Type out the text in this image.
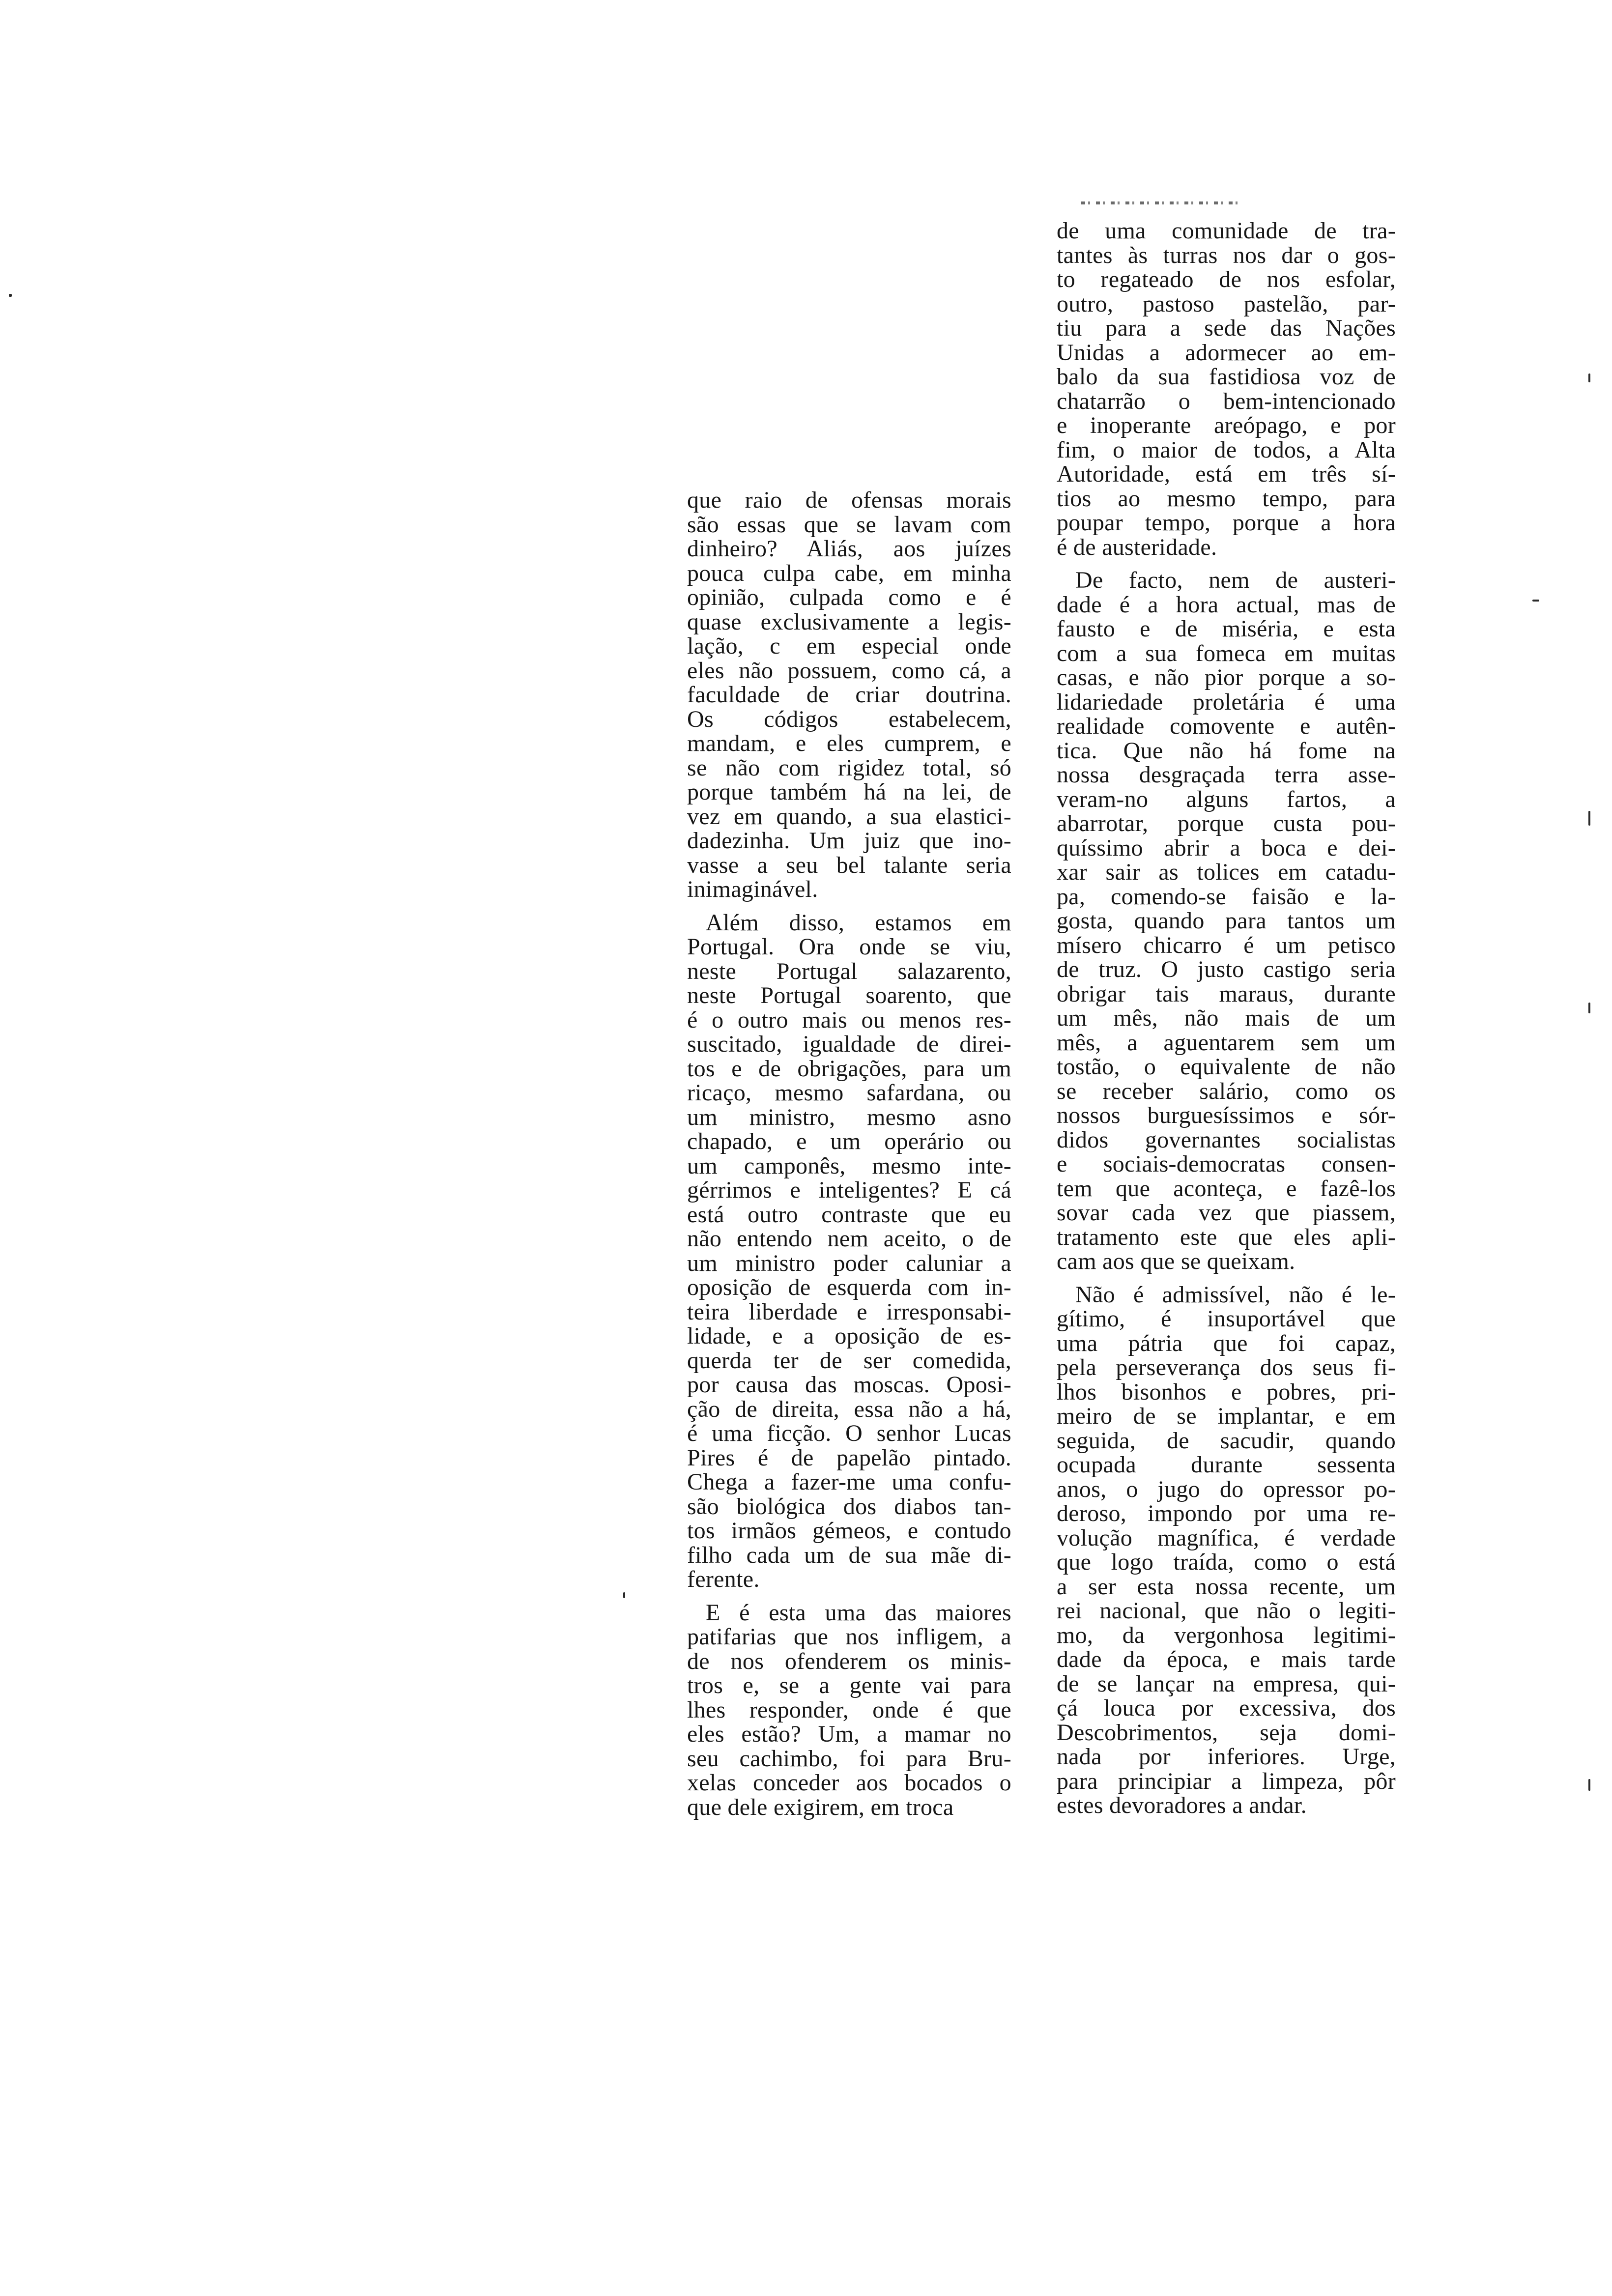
que raio de ofensas morais
são essas que se lavam com
dinheiro? Aliás, aos juízes
pouca culpa cabe, em minha
opinião, culpada como e é
quase exclusivamente a legis-
lação, c em especial onde
eles não possuem, como cá, a
faculdade de criar doutrina.
Os códigos estabelecem,
mandam, e eles cumprem, e
se não com rigidez total, só
porque também há na lei, de
vez em quando, a sua elastici-
dadezinha. Um juiz que ino-
vasse a seu bel talante seria
inimaginável.
Além disso, estamos em
Portugal. Ora onde se viu,
neste Portugal salazarento,
neste Portugal soarento, que
é o outro mais ou menos res-
suscitado, igualdade de direi-
tos e de obrigações, para um
ricaço, mesmo safardana, ou
um ministro, mesmo asno
chapado, e um operário ou
um camponês, mesmo inte-
gérrimos e inteligentes? E cá
está outro contraste que eu
não entendo nem aceito, o de
um ministro poder caluniar a
oposição de esquerda com in-
teira liberdade e irresponsabi-
lidade, e a oposição de es-
querda ter de ser comedida,
por causa das moscas. Oposi-
ção de direita, essa não a há,
é uma ficção. O senhor Lucas
Pires é de papelão pintado.
Chega a fazer-me uma confu-
são biológica dos diabos tan-
tos irmãos gémeos, e contudo
filho cada um de sua mãe di-
ferente.
E é esta uma das maiores
patifarias que nos infligem, a
de nos ofenderem os minis-
tros e, se a gente vai para
lhes responder, onde é que
eles estão? Um, a mamar no
seu cachimbo, foi para Bru-
xelas conceder aos bocados o
que dele exigirem, em troca
de uma comunidade de tra-
tantes às turras nos dar o gos-
to regateado de nos esfolar,
outro, pastoso pastelão, par-
tiu para a sede das Nações
Unidas a adormecer ao em-
balo da sua fastidiosa voz de
chatarrão o bem-intencionado
e inoperante areópago, e por
fim, o maior de todos, a Alta
Autoridade, está em três sí-
tios ao mesmo tempo, para
poupar tempo, porque a hora
é de austeridade.
De facto, nem de austeri-
dade é a hora actual, mas de
fausto e de miséria, e esta
com a sua fomeca em muitas
casas, e não pior porque a so-
lidariedade proletária é uma
realidade comovente e autên-
tica. Que não há fome na
nossa desgraçada terra asse-
veram-no alguns fartos, a
abarrotar, porque custa pou-
quíssimo abrir a boca e dei-
xar sair as tolices em catadu-
pa, comendo-se faisão e la-
gosta, quando para tantos um
mísero chicarro é um petisco
de truz. O justo castigo seria
obrigar tais maraus, durante
um mês, não mais de um
mês, a aguentarem sem um
tostão, o equivalente de não
se receber salário, como os
nossos burguesíssimos e sór-
didos governantes socialistas
e sociais-democratas consen-
tem que aconteça, e fazê-los
sovar cada vez que piassem,
tratamento este que eles apli-
cam aos que se queixam.
Não é admissível, não é le-
gítimo, é insuportável que
uma pátria que foi capaz,
pela perseverança dos seus fi-
lhos bisonhos e pobres, pri-
meiro de se implantar, e em
seguida, de sacudir, quando
ocupada durante sessenta
anos, o jugo do opressor po-
deroso, impondo por uma re-
volução magnífica, é verdade
que logo traída, como o está
a ser esta nossa recente, um
rei nacional, que não o legiti-
mo, da vergonhosa legitimi-
dade da época, e mais tarde
de se lançar na empresa, qui-
çá louca por excessiva, dos
Descobrimentos, seja domi-
nada por inferiores. Urge,
para principiar a limpeza, pôr
estes devoradores a andar.
